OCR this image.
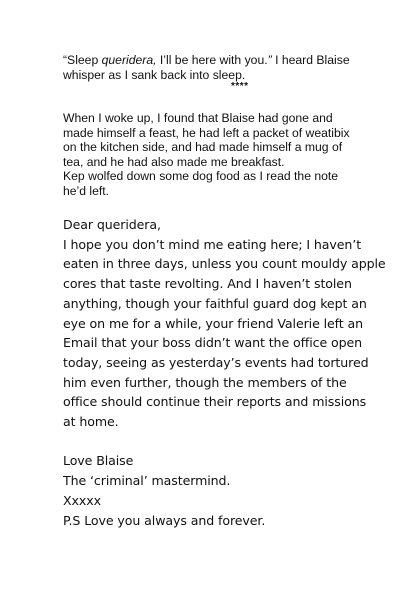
“Sleep queridera, I’ll be here with you.” I heard Blaise
whisper as I sank back into sleep.
****
When I woke up, I found that Blaise had gone and
made himself a feast, he had left a packet of weatibix
on the kitchen side, and had made himself a mug of
tea, and he had also made me breakfast.
Kep wolfed down some dog food as I read the note
he’d left.
Dear queridera,
I hope you don’t mind me eating here; I haven’t
eaten in three days, unless you count mouldy apple
cores that taste revolting. And I haven’t stolen
anything, though your faithful guard dog kept an
eye on me for a while, your friend Valerie left an
Email that your boss didn’t want the office open
today, seeing as yesterday’s events had tortured
him even further, though the members of the
office should continue their reports and missions
at home.
Love Blaise
The ‘criminal’ mastermind.
Xxxxx
P.S Love you always and forever.
